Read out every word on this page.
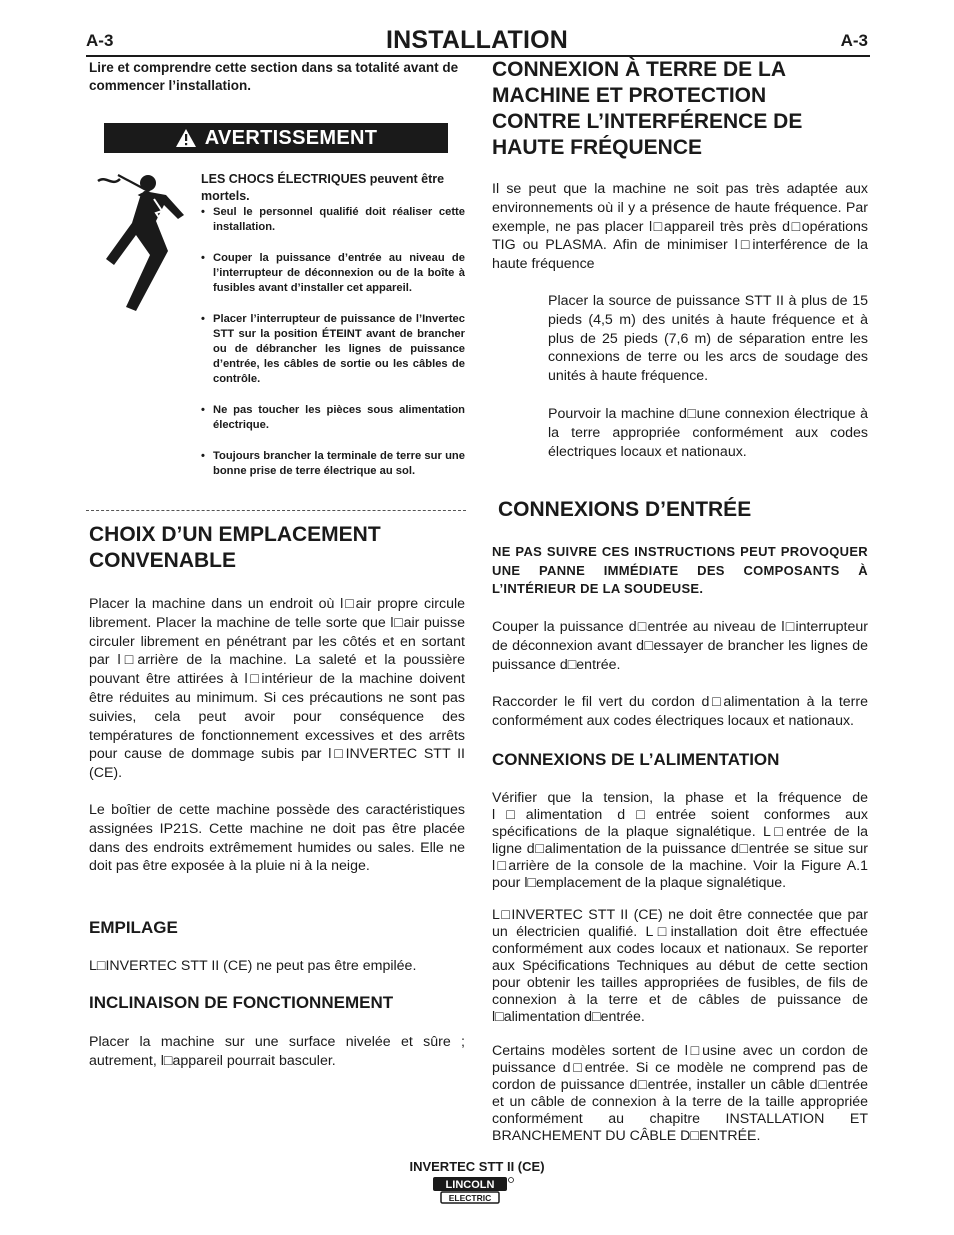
A-3	INSTALLATION	A-3
Lire et comprendre cette section dans sa totalité avant de commencer l’installation.
AVERTISSEMENT
LES CHOCS ÉLECTRIQUES peuvent être mortels.
• Seul le personnel qualifié doit réaliser cette installation.
• Couper la puissance d’entrée au niveau de l’interrupteur de déconnexion ou de la boîte à fusibles avant d’installer cet appareil.
• Placer l’interrupteur de puissance de l’Invertec STT sur la position ÉTEINT avant de brancher ou de débrancher les lignes de puissance d’entrée, les câbles de sortie ou les câbles de contrôle.
• Ne pas toucher les pièces sous alimentation électrique.
• Toujours brancher la terminale de terre sur une bonne prise de terre électrique au sol.
CHOIX D’UN EMPLACEMENT CONVENABLE
Placer la machine dans un endroit où l□air propre circule librement. Placer la machine de telle sorte que l□air puisse circuler librement en pénétrant par les côtés et en sortant par l□arrière de la machine. La saleté et la poussière pouvant être attirées à l□intérieur de la machine doivent être réduites au minimum. Si ces précautions ne sont pas suivies, cela peut avoir pour conséquence des températures de fonctionnement excessives et des arrêts pour cause de dommage subis par l□INVERTEC STT II (CE).
Le boîtier de cette machine possède des caractéristiques assignées IP21S. Cette machine ne doit pas être placée dans des endroits extrêmement humides ou sales. Elle ne doit pas être exposée à la pluie ni à la neige.
EMPILAGE
L□INVERTEC STT II (CE) ne peut pas être empilée.
INCLINAISON DE FONCTIONNEMENT
Placer la machine sur une surface nivelée et sûre ; autrement, l□appareil pourrait basculer.
CONNEXION À TERRE DE LA MACHINE ET PROTECTION CONTRE L’INTERFÉRENCE DE HAUTE FRÉQUENCE
Il se peut que la machine ne soit pas très adaptée aux environnements où il y a présence de haute fréquence. Par exemple, ne pas placer l□appareil très près d□opérations TIG ou PLASMA. Afin de minimiser l□interférence de la haute fréquence
Placer la source de puissance STT II à plus de 15 pieds (4,5 m) des unités à haute fréquence et à plus de 25 pieds (7,6 m) de séparation entre les connexions de terre ou les arcs de soudage des unités à haute fréquence.
Pourvoir la machine d□une connexion électrique à la terre appropriée conformément aux codes électriques locaux et nationaux.
CONNEXIONS D’ENTRÉE
NE PAS SUIVRE CES INSTRUCTIONS PEUT PROVOQUER UNE PANNE IMMÉDIATE DES COMPOSANTS À L’INTÉRIEUR DE LA SOUDEUSE.
Couper la puissance d□entrée au niveau de l□interrupteur de déconnexion avant d□essayer de brancher les lignes de puissance d□entrée.
Raccorder le fil vert du cordon d□alimentation à la terre conformément aux codes électriques locaux et nationaux.
CONNEXIONS DE L’ALIMENTATION
Vérifier que la tension, la phase et la fréquence de l□alimentation d□entrée soient conformes aux spécifications de la plaque signalétique. L□entrée de la ligne d□alimentation de la puissance d□entrée se situe sur l□arrière de la console de la machine. Voir la Figure A.1 pour l□emplacement de la plaque signalétique.
L□INVERTEC STT II (CE) ne doit être connectée que par un électricien qualifié. L□installation doit être effectuée conformément aux codes locaux et nationaux. Se reporter aux Spécifications Techniques au début de cette section pour obtenir les tailles appropriées de fusibles, de fils de connexion à la terre et de câbles de puissance de l□alimentation d□entrée.
Certains modèles sortent de l□usine avec un cordon de puissance d□entrée. Si ce modèle ne comprend pas de cordon de puissance d□entrée, installer un câble d□entrée et un câble de connexion à la terre de la taille appropriée conformément au chapitre INSTALLATION ET BRANCHEMENT DU CÂBLE D□ENTRÉE.
INVERTEC STT II (CE)
LINCOLN
ELECTRIC
